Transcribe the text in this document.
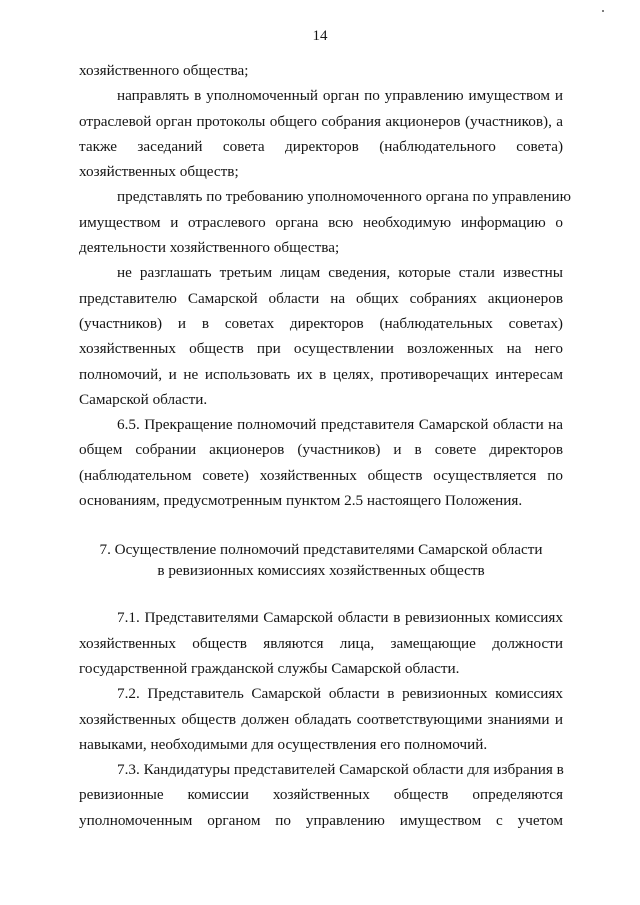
14

хозяйственного общества;

направлять в уполномоченный орган по управлению имуществом и
отраслевой орган протоколы общего собрания акционеров (участников), а
также заседаний совета директоров (наблюдательного совета)
хозяйственных обществ;

представлять по требованию уполномоченного органа по управлению
имуществом и отраслевого органа всю необходимую информацию о
деятельности хозяйственного общества;

не разглашать третьим лицам сведения, которые стали известны
представителю Самарской области на общих собраниях акционеров
(участников) и в советах директоров (наблюдательных советах)
хозяйственных обществ при осуществлении возложенных на него
полномочий, и не использовать их в целях, противоречащих интересам
Самарской области.

6.5. Прекращение полномочий представителя Самарской области на
общем собрании акционеров (участников) и в совете директоров
(наблюдательном совете) хозяйственных обществ осуществляется по
основаниям, предусмотренным пунктом 2.5 настоящего Положения.

7. Осуществление полномочий представителями Самарской области
в ревизионных комиссиях хозяйственных обществ

7.1. Представителями Самарской области в ревизионных комиссиях
хозяйственных обществ являются лица, замещающие должности
государственной гражданской службы Самарской области.

7.2. Представитель Самарской области в ревизионных комиссиях
хозяйственных обществ должен обладать соответствующими знаниями и
навыками, необходимыми для осуществления его полномочий.

7.3. Кандидатуры представителей Самарской области для избрания в
ревизионные комиссии хозяйственных обществ определяются
уполномоченным органом по управлению имуществом с учетом
